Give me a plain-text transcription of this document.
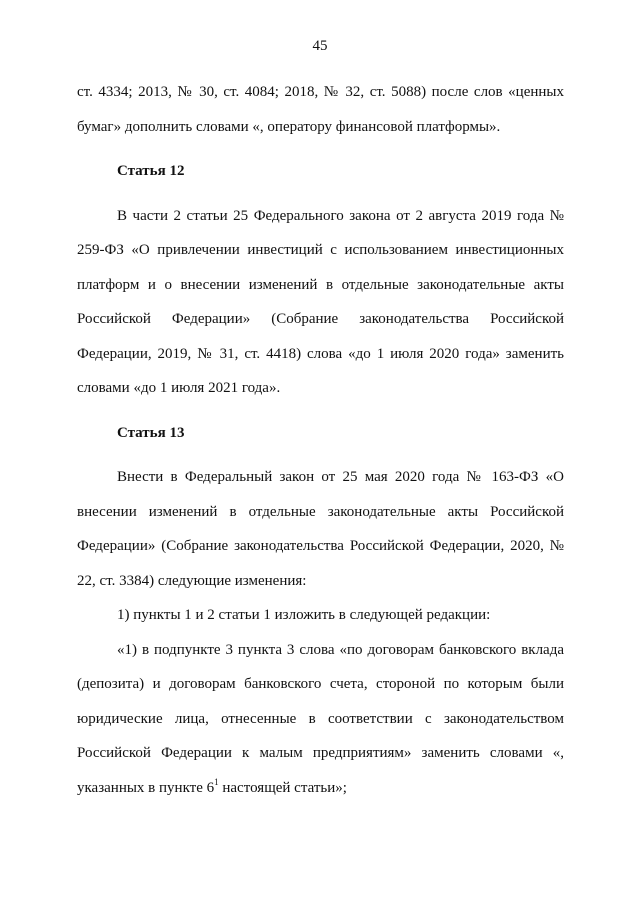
45

ст. 4334; 2013, № 30, ст. 4084; 2018, № 32, ст. 5088) после слов «ценных бумаг» дополнить словами «, оператору финансовой платформы».

Статья 12

В части 2 статьи 25 Федерального закона от 2 августа 2019 года № 259-ФЗ «О привлечении инвестиций с использованием инвестиционных платформ и о внесении изменений в отдельные законодательные акты Российской Федерации» (Собрание законодательства Российской Федерации, 2019, № 31, ст. 4418) слова «до 1 июля 2020 года» заменить словами «до 1 июля 2021 года».

Статья 13

Внести в Федеральный закон от 25 мая 2020 года № 163-ФЗ «О внесении изменений в отдельные законодательные акты Российской Федерации» (Собрание законодательства Российской Федерации, 2020, № 22, ст. 3384) следующие изменения:

1) пункты 1 и 2 статьи 1 изложить в следующей редакции:

«1) в подпункте 3 пункта 3 слова «по договорам банковского вклада (депозита) и договорам банковского счета, стороной по которым были юридические лица, отнесенные в соответствии с законодательством Российской Федерации к малым предприятиям» заменить словами «, указанных в пункте $6^1$ настоящей статьи»;
